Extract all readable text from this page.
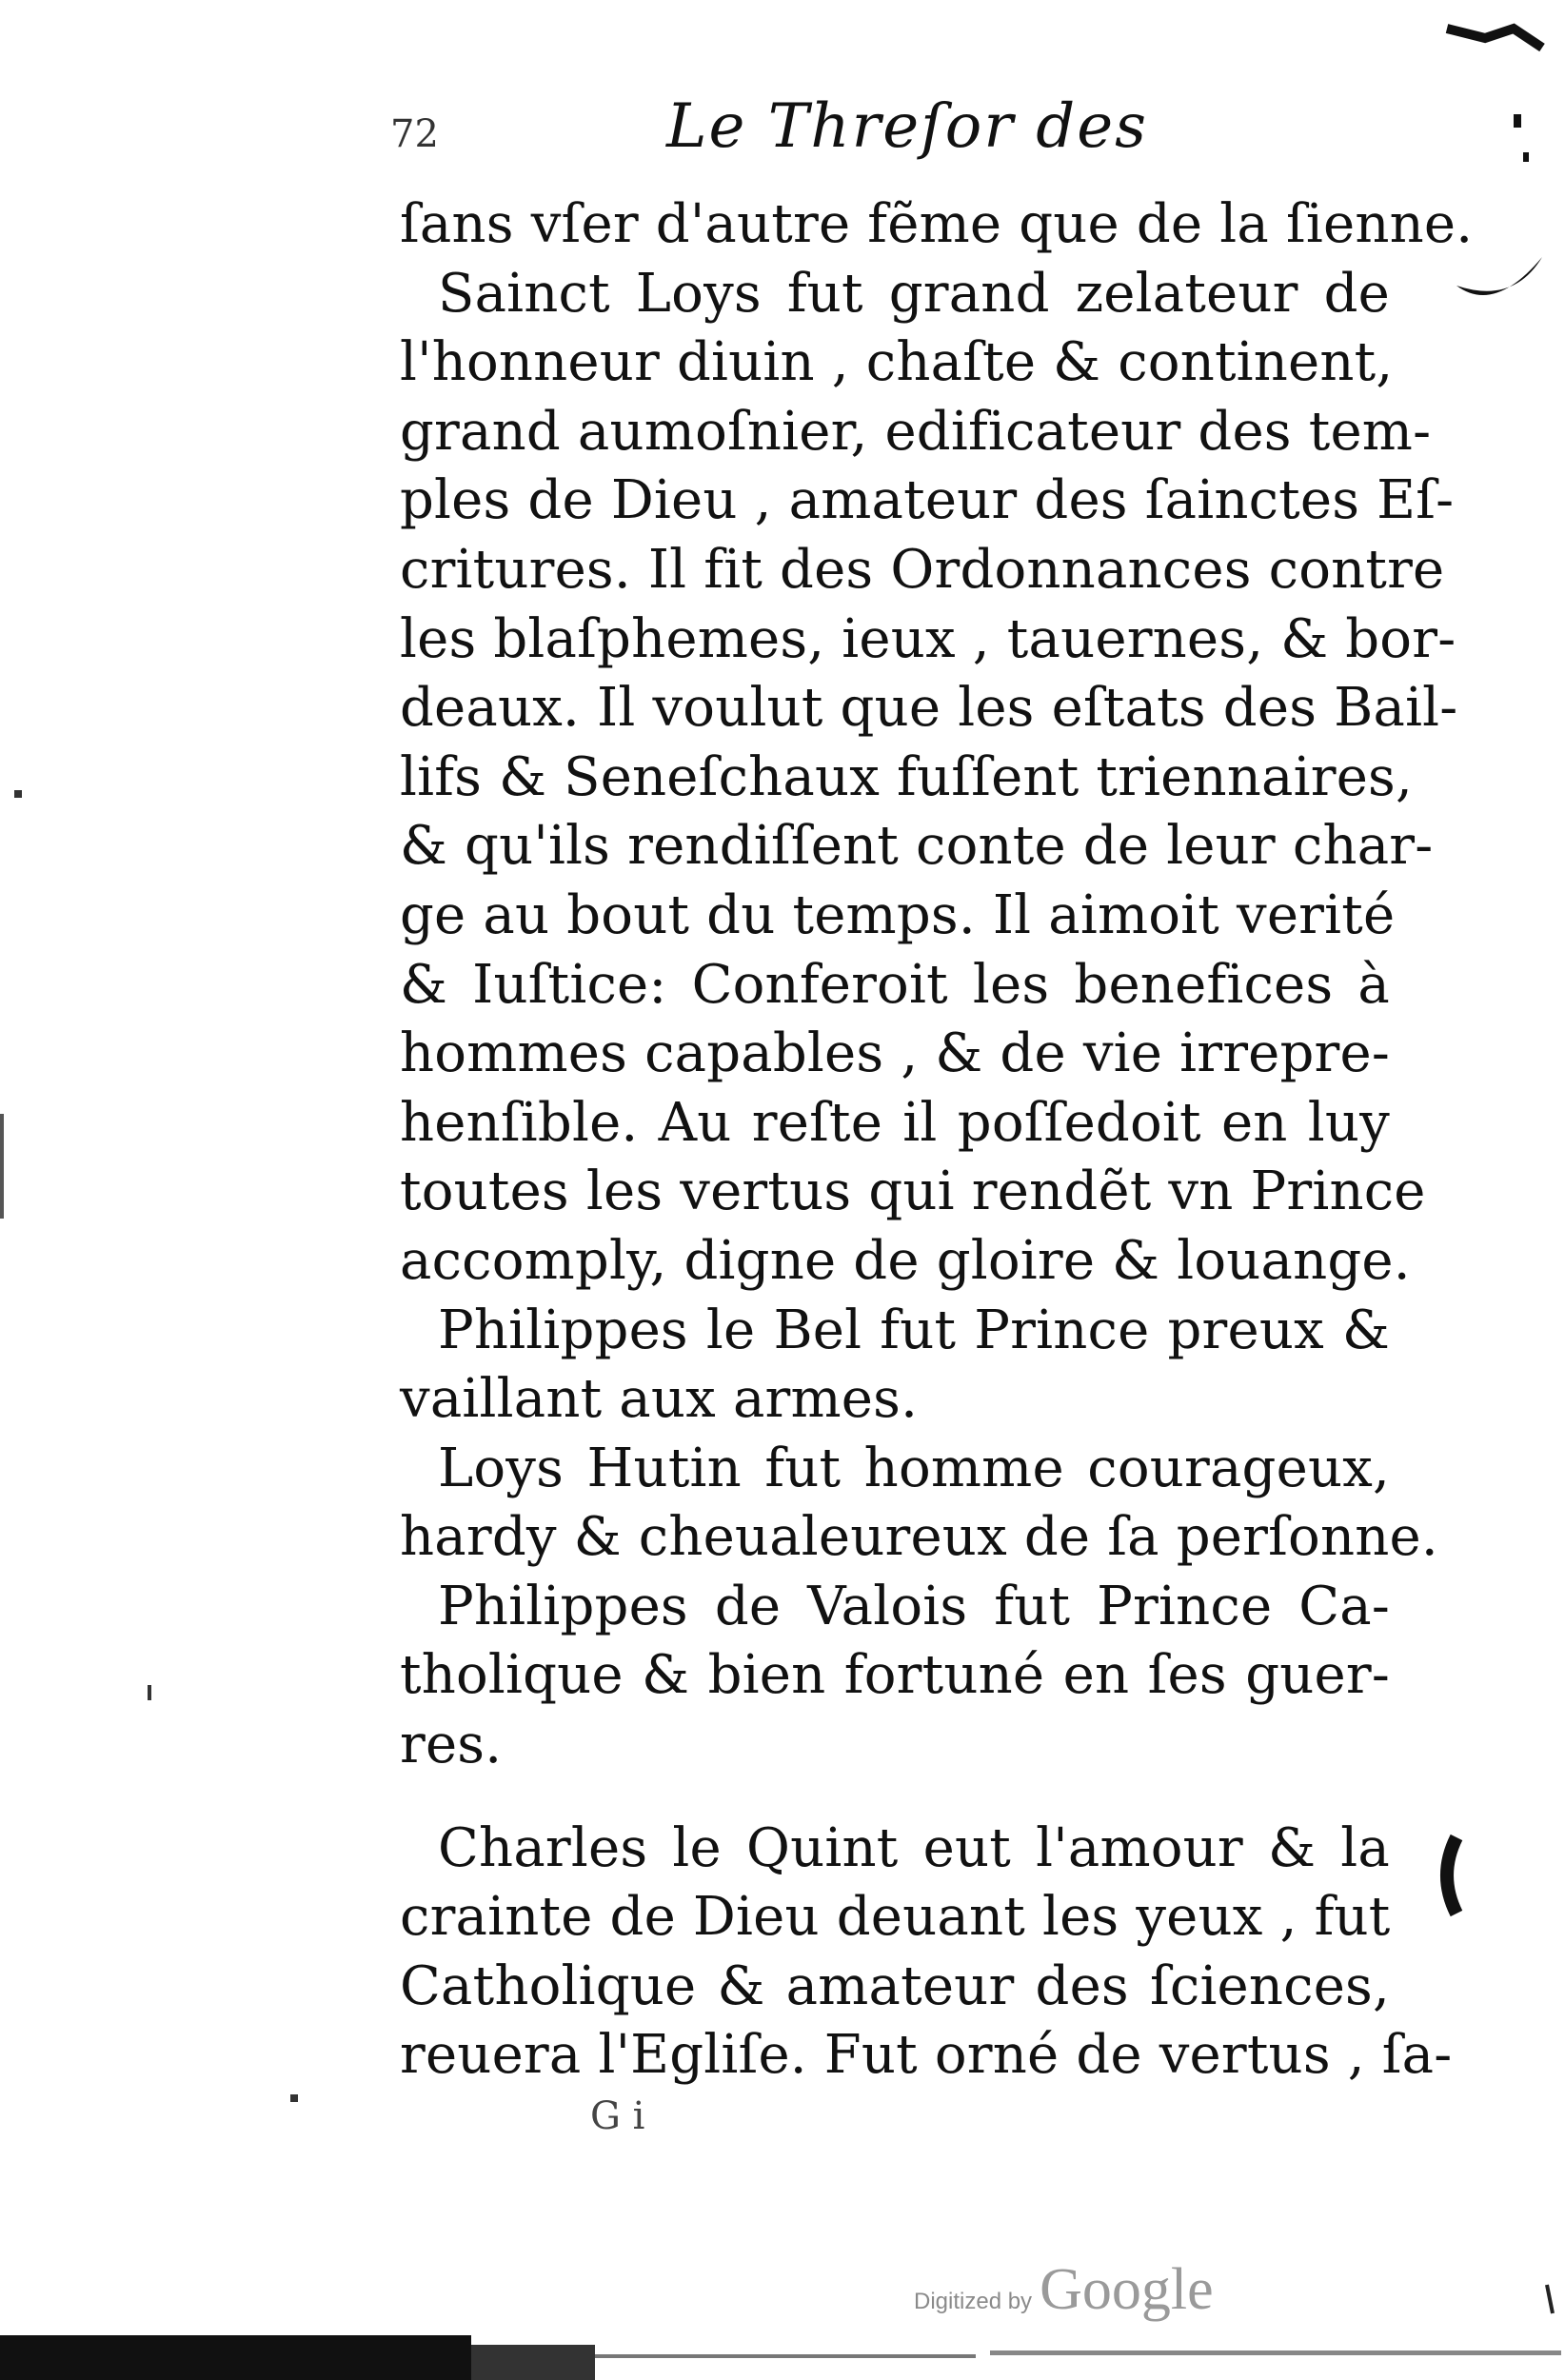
72	Le Threſor des
ſans vſer d'autre fẽme que de la ſienne.
Sainct Loys fut grand zelateur de
l'honneur diuin , chaſte & continent,
grand aumoſnier, edificateur des tem-
ples de Dieu , amateur des ſainctes Eſ-
critures. Il fit des Ordonnances contre
les blaſphemes, ieux , tauernes, & bor-
deaux. Il voulut que les eſtats des Bail-
lifs & Seneſchaux fuſſent triennaires,
& qu'ils rendiſſent conte de leur char-
ge au bout du temps. Il aimoit verité
& Iuſtice: Conferoit les benefices à
hommes capables , & de vie irrepre-
henſible. Au reſte il poſſedoit en luy
toutes les vertus qui rendẽt vn Prince
accomply, digne de gloire & louange.
Philippes le Bel fut Prince preux &
vaillant aux armes.
Loys Hutin fut homme courageux,
hardy & cheualeureux de ſa perſonne.
Philippes de Valois fut Prince Ca-
tholique & bien fortuné en ſes guer-
res.
Charles le Quint eut l'amour & la
crainte de Dieu deuant les yeux , fut
Catholique & amateur des ſciences,
reuera l'Egliſe. Fut orné de vertus , ſa-
G i
Digitized by Google
